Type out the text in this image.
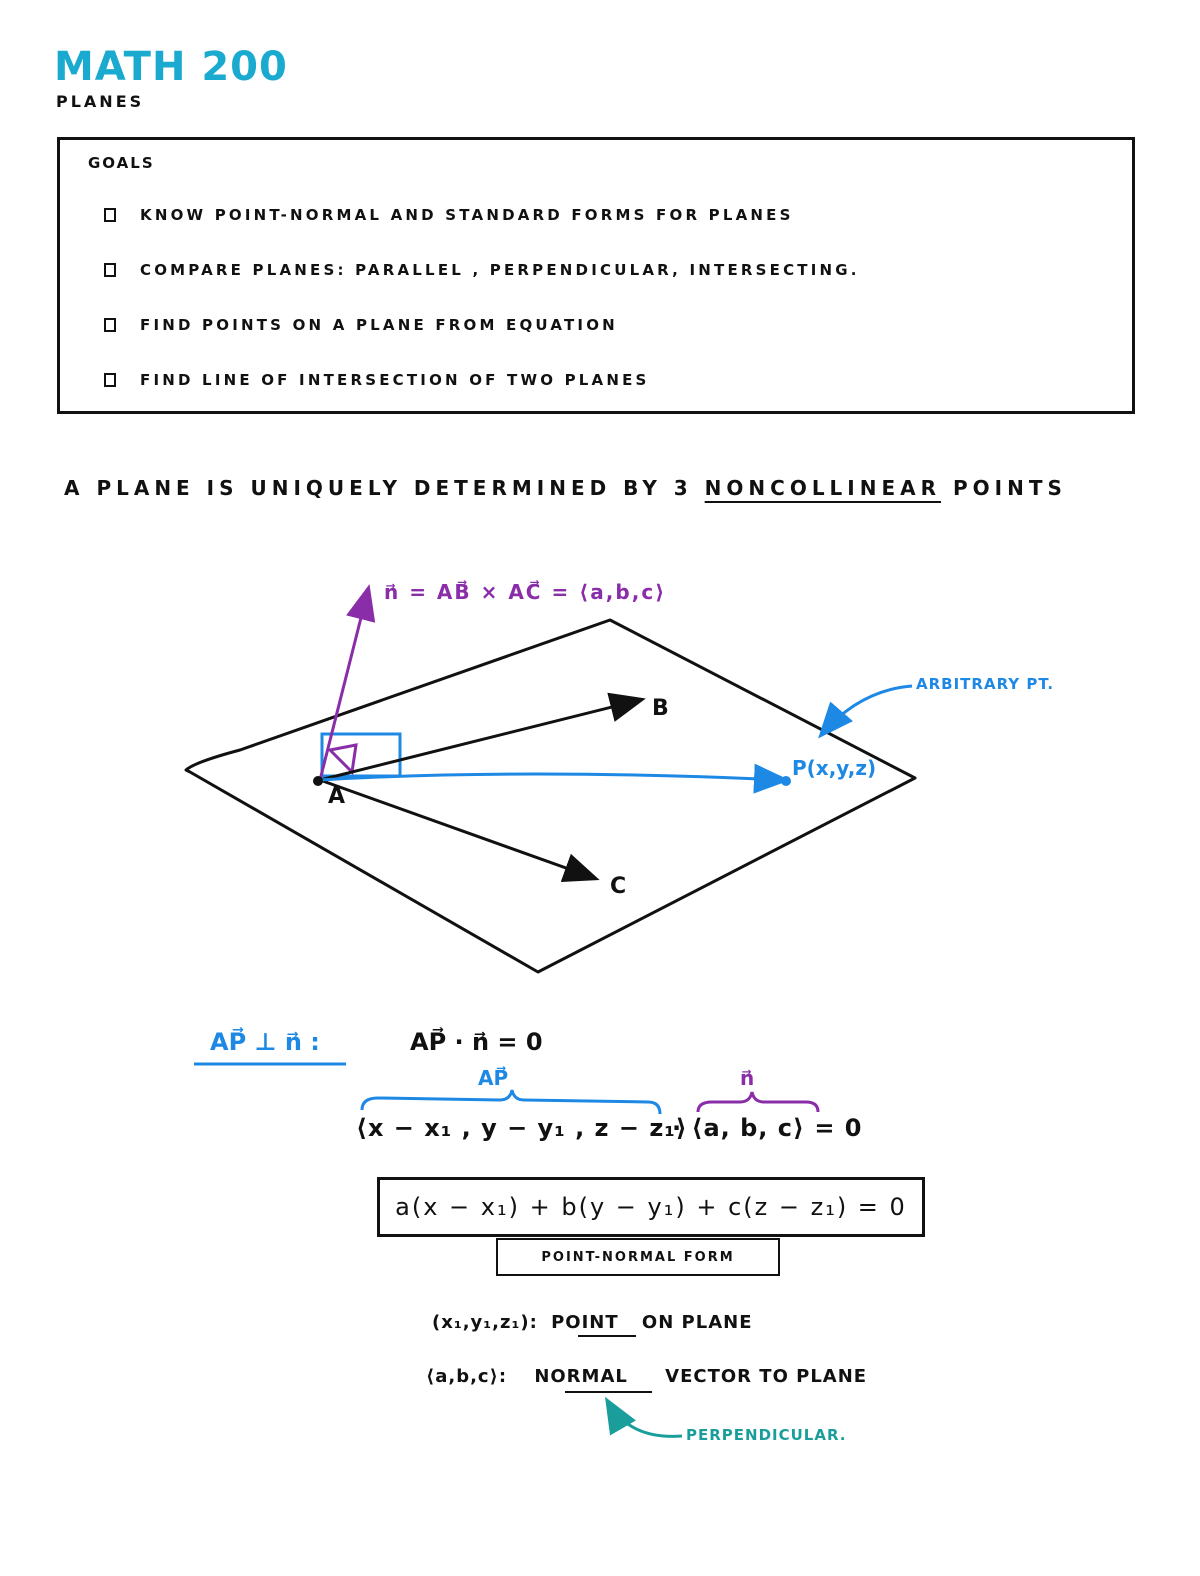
MATH 200
PLANES
GOALS
KNOW POINT-NORMAL AND STANDARD FORMS FOR PLANES
COMPARE PLANES: PARALLEL , PERPENDICULAR, INTERSECTING.
FIND POINTS ON A PLANE FROM EQUATION
FIND LINE OF INTERSECTION OF TWO PLANES
A PLANE IS UNIQUELY DETERMINED BY 3 NONCOLLINEAR POINTS
n⃗ = AB⃗ × AC⃗ = ⟨a,b,c⟩
A
B
C
P(x,y,z)
ARBITRARY PT.
AP⃗ ⊥ n⃗ :	AP⃗ · n⃗ = 0
AP⃗	n⃗
⟨x − x₁ , y − y₁ , z − z₁⟩
· ⟨a, b, c⟩ = 0
a(x − x₁) + b(y − y₁) + c(z − z₁) = 0
POINT-NORMAL FORM
(x₁,y₁,z₁): POINT ON PLANE
⟨a,b,c⟩: NORMAL VECTOR TO PLANE
PERPENDICULAR.
